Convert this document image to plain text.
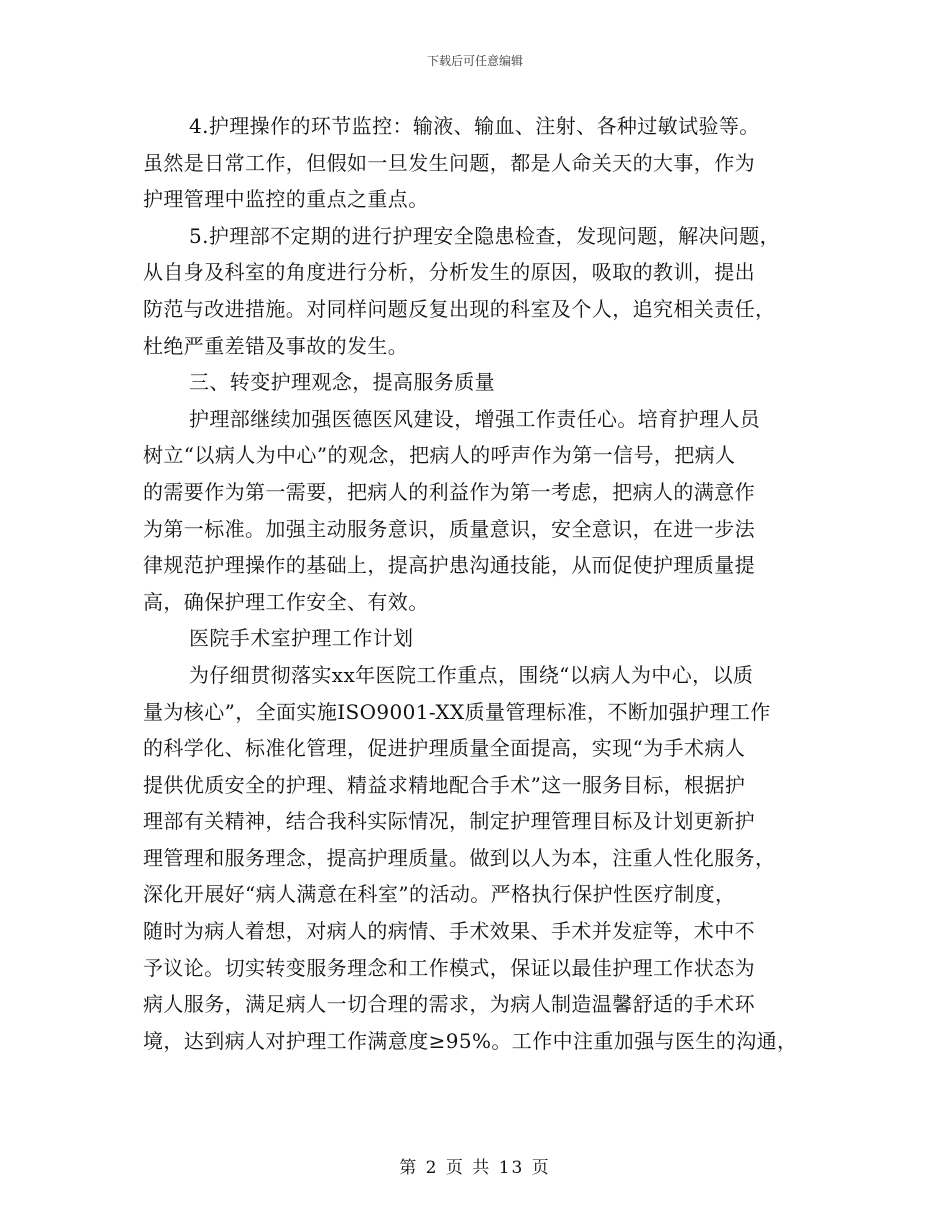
下载后可任意编辑
4.护理操作的环节监控：输液、输血、注射、各种过敏试验等。
虽然是日常工作，但假如一旦发生问题，都是人命关天的大事，作为
护理管理中监控的重点之重点。
5.护理部不定期的进行护理安全隐患检查，发现问题，解决问题，
从自身及科室的角度进行分析，分析发生的原因，吸取的教训，提出
防范与改进措施。对同样问题反复出现的科室及个人，追究相关责任，
杜绝严重差错及事故的发生。
三、转变护理观念，提高服务质量
护理部继续加强医德医风建设，增强工作责任心。培育护理人员
树立“以病人为中心”的观念，把病人的呼声作为第一信号，把病人
的需要作为第一需要，把病人的利益作为第一考虑，把病人的满意作
为第一标准。加强主动服务意识，质量意识，安全意识，在进一步法
律规范护理操作的基础上，提高护患沟通技能，从而促使护理质量提
高，确保护理工作安全、有效。
医院手术室护理工作计划
为仔细贯彻落实xx年医院工作重点，围绕“以病人为中心，以质
量为核心”，全面实施ISO9001-XX质量管理标准，不断加强护理工作
的科学化、标准化管理，促进护理质量全面提高，实现“为手术病人
提供优质安全的护理、精益求精地配合手术”这一服务目标，根据护
理部有关精神，结合我科实际情况，制定护理管理目标及计划更新护
理管理和服务理念，提高护理质量。做到以人为本，注重人性化服务，
深化开展好“病人满意在科室”的活动。严格执行保护性医疗制度，
随时为病人着想，对病人的病情、手术效果、手术并发症等，术中不
予议论。切实转变服务理念和工作模式，保证以最佳护理工作状态为
病人服务，满足病人一切合理的需求，为病人制造温馨舒适的手术环
境，达到病人对护理工作满意度≥95%。工作中注重加强与医生的沟通，
第 2 页 共 13 页
